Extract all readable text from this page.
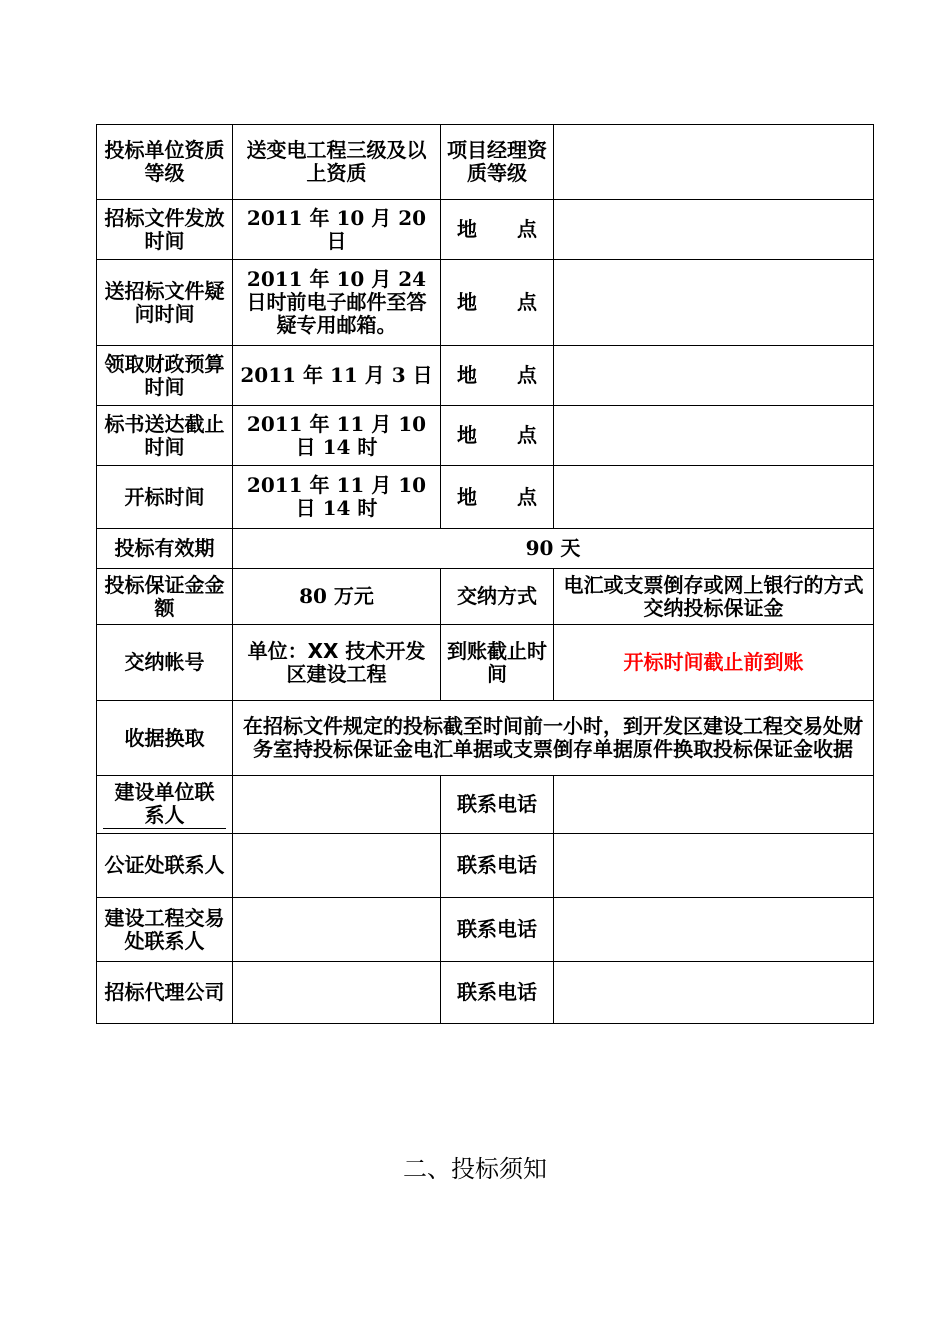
投标单位资质等级	送变电工程三级及以上资质	项目经理资质等级	

招标文件发放时间	2011 年 10 月 20 日	地　　点	

送招标文件疑问时间	2011 年 10 月 24 日时前电子邮件至答疑专用邮箱。	地　　点	

领取财政预算时间	2011 年 11 月 3 日	地　　点	

标书送达截止时间	2011 年 11 月 10 日 14 时	地　　点	
开标时间	2011 年 11 月 10 日 14 时	地　　点	
投标有效期	90 天		

投标保证金金额	80 万元	交纳方式	电汇或支票倒存或网上银行的方式交纳投标保证金

交纳帐号	单位：XX 技术开发区建设工程	到账截止时间	开标时间截止前到账
收据换取	在招标文件规定的投标截至时间前一小时，到开发区建设工程交易处财务室持投标保证金电汇单据或支票倒存单据原件换取投标保证金收据		

建设单位联系人		联系电话	

公证处联系人		联系电话	

建设工程交易处联系人		联系电话	

招标代理公司		联系电话	
二、投标须知
